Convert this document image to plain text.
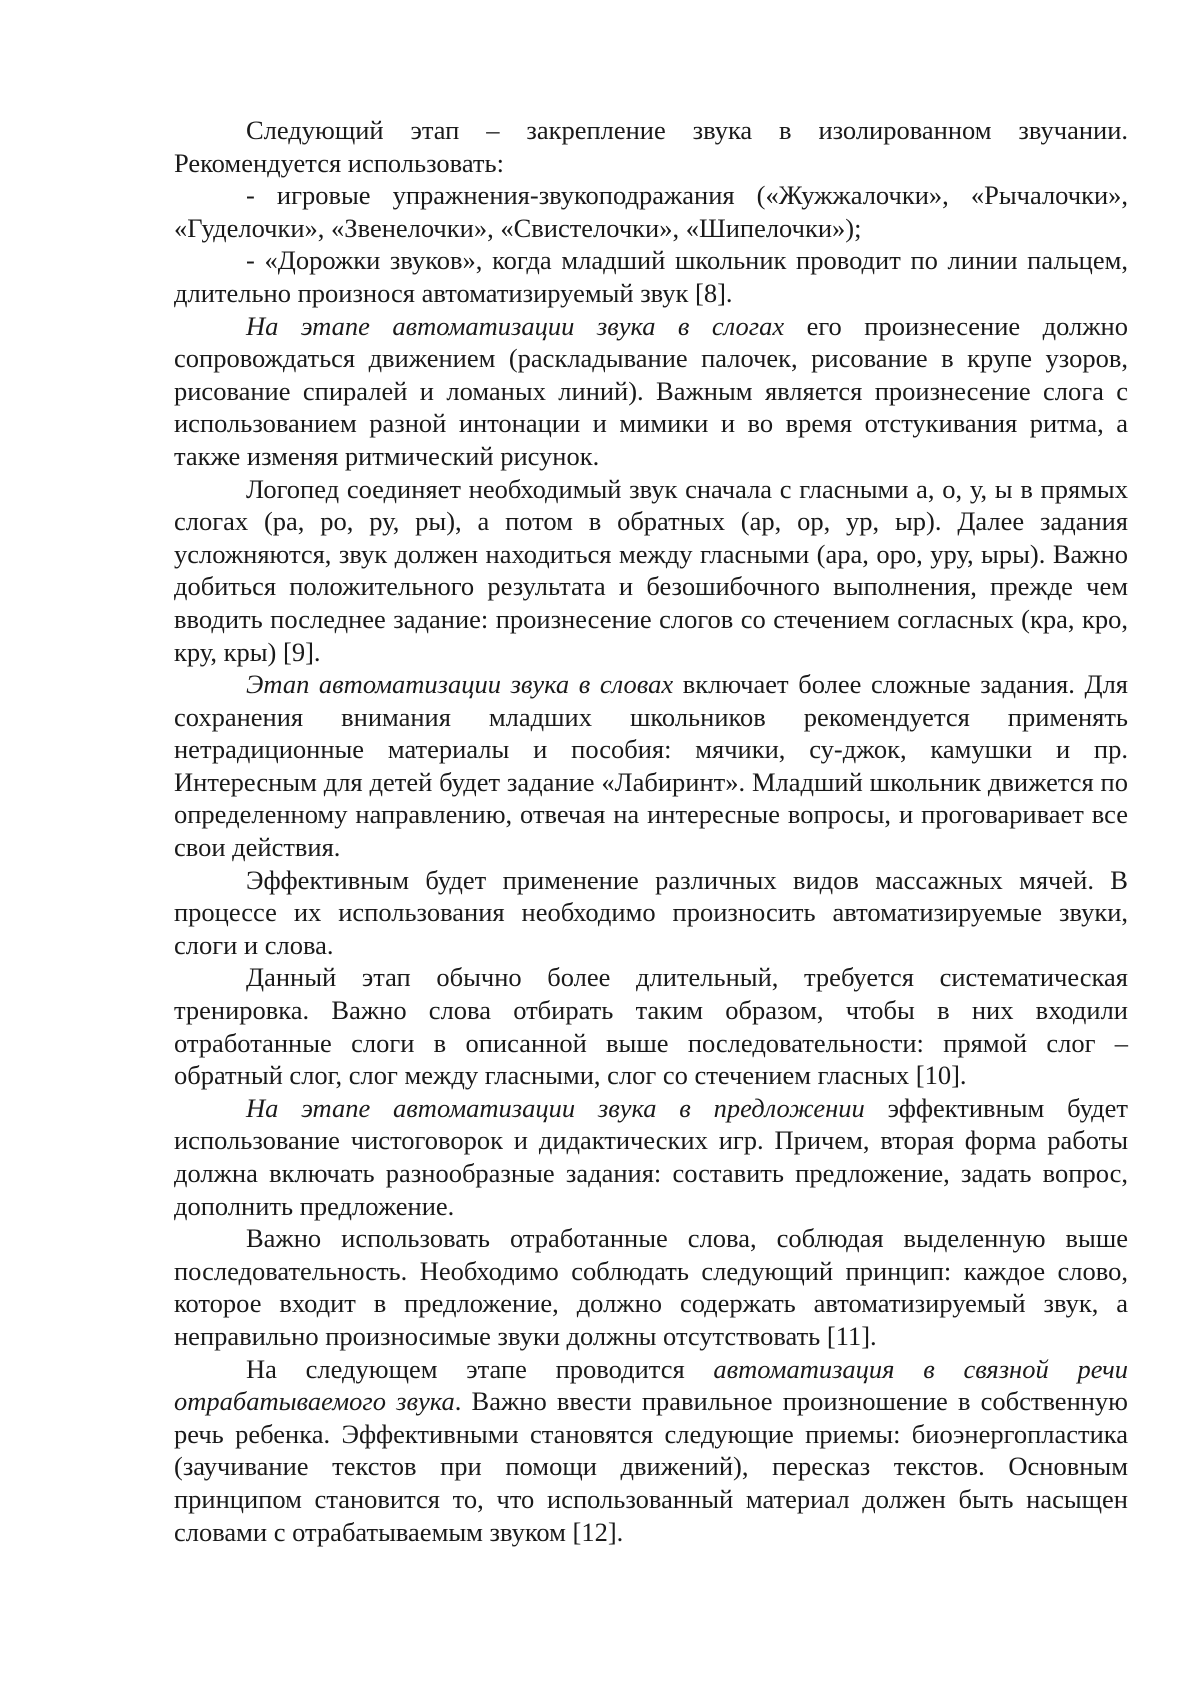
Следующий этап – закрепление звука в изолированном звучании. Рекомендуется использовать:

- игровые упражнения-звукоподражания («Жужжалочки», «Рычалочки», «Гуделочки», «Звенелочки», «Свистелочки», «Шипелочки»);

- «Дорожки звуков», когда младший школьник проводит по линии пальцем, длительно произнося автоматизируемый звук [8].

На этапе автоматизации звука в слогах его произнесение должно сопровождаться движением (раскладывание палочек, рисование в крупе узоров, рисование спиралей и ломаных линий). Важным является произнесение слога с использованием разной интонации и мимики и во время отстукивания ритма, а также изменяя ритмический рисунок.

Логопед соединяет необходимый звук сначала с гласными а, о, у, ы в прямых слогах (ра, ро, ру, ры), а потом в обратных (ар, ор, ур, ыр). Далее задания усложняются, звук должен находиться между гласными (ара, оро, уру, ыры). Важно добиться положительного результата и безошибочного выполнения, прежде чем вводить последнее задание: произнесение слогов со стечением согласных (кра, кро, кру, кры) [9].

Этап автоматизации звука в словах включает более сложные задания. Для сохранения внимания младших школьников рекомендуется применять нетрадиционные материалы и пособия: мячики, су-джок, камушки и пр. Интересным для детей будет задание «Лабиринт». Младший школьник движется по определенному направлению, отвечая на интересные вопросы, и проговаривает все свои действия.

Эффективным будет применение различных видов массажных мячей. В процессе их использования необходимо произносить автоматизируемые звуки, слоги и слова.

Данный этап обычно более длительный, требуется систематическая тренировка. Важно слова отбирать таким образом, чтобы в них входили отработанные слоги в описанной выше последовательности: прямой слог – обратный слог, слог между гласными, слог со стечением гласных [10].

На этапе автоматизации звука в предложении эффективным будет использование чистоговорок и дидактических игр. Причем, вторая форма работы должна включать разнообразные задания: составить предложение, задать вопрос, дополнить предложение.

Важно использовать отработанные слова, соблюдая выделенную выше последовательность. Необходимо соблюдать следующий принцип: каждое слово, которое входит в предложение, должно содержать автоматизируемый звук, а неправильно произносимые звуки должны отсутствовать [11].

На следующем этапе проводится автоматизация в связной речи отрабатываемого звука. Важно ввести правильное произношение в собственную речь ребенка. Эффективными становятся следующие приемы: биоэнергопластика (заучивание текстов при помощи движений), пересказ текстов. Основным принципом становится то, что использованный материал должен быть насыщен словами с отрабатываемым звуком [12].
